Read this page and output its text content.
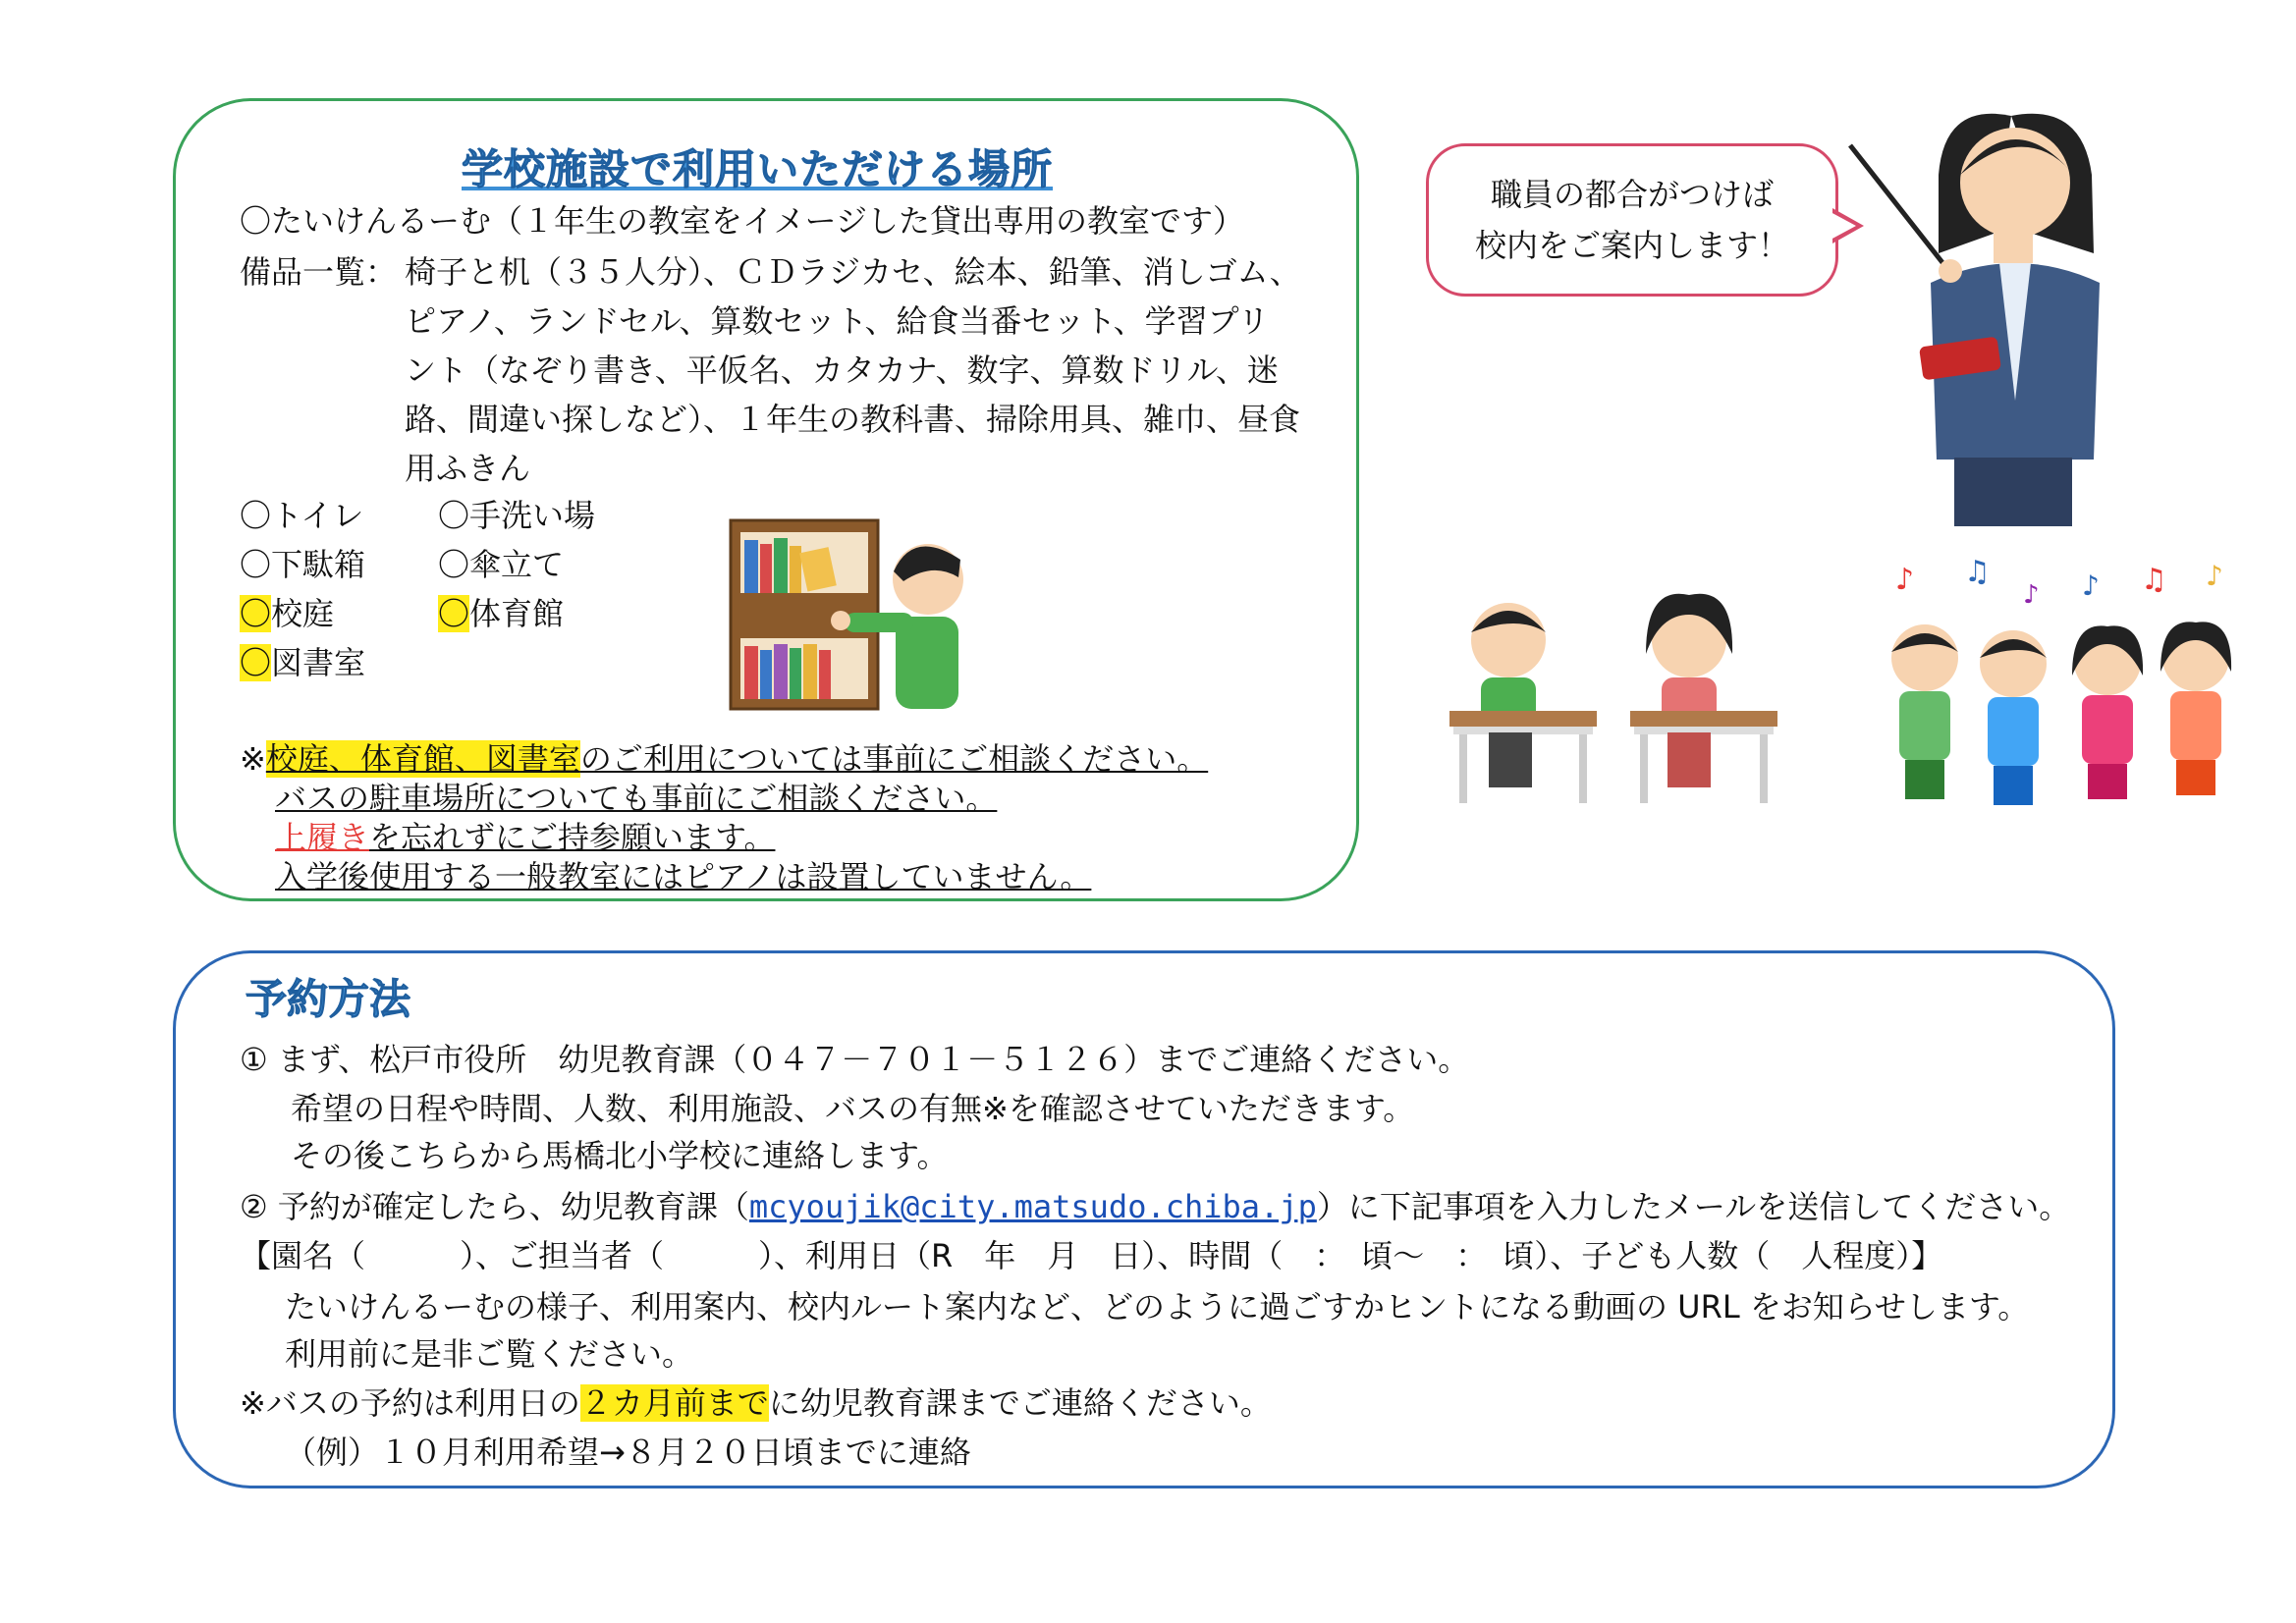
学校施設で利用いただける場所
〇たいけんるーむ（１年生の教室をイメージした貸出専用の教室です）
備品一覧： 椅子と机（３５人分）、ＣＤラジカセ、絵本、鉛筆、消しゴム、
ピアノ、ランドセル、算数セット、給食当番セット、学習プリ
ント（なぞり書き、平仮名、カタカナ、数字、算数ドリル、迷
路、間違い探しなど）、１年生の教科書、掃除用具、雑巾、昼食
用ふきん
〇トイレ 〇手洗い場
〇下駄箱 〇傘立て
〇校庭	〇体育館
〇図書室
※校庭、体育館、図書室のご利用については事前にご相談ください。
バスの駐車場所についても事前にご相談ください。
上履きを忘れずにご持参願います。
入学後使用する一般教室にはピアノは設置していません。
職員の都合がつけば
校内をご案内します！
♪ ♫
♪ ♪ ♫ ♪
予約方法
① まず、松戸市役所　幼児教育課（０４７－７０１－５１２６）までご連絡ください。
希望の日程や時間、人数、利用施設、バスの有無※を確認させていただきます。
その後こちらから馬橋北小学校に連絡します。
② 予約が確定したら、幼児教育課（mcyoujik@city.matsudo.chiba.jp）に下記事項を入力したメールを送信してください。
【園名（　　　）、ご担当者（　　　）、利用日（R　年　月　日）、時間（　：　頃～　：　頃）、子ども人数（　人程度）】
たいけんるーむの様子、利用案内、校内ルート案内など、どのように過ごすかヒントになる動画の URL をお知らせします。
利用前に是非ご覧ください。
※バスの予約は利用日の２カ月前までに幼児教育課までご連絡ください。
（例）１０月利用希望→８月２０日頃までに連絡
